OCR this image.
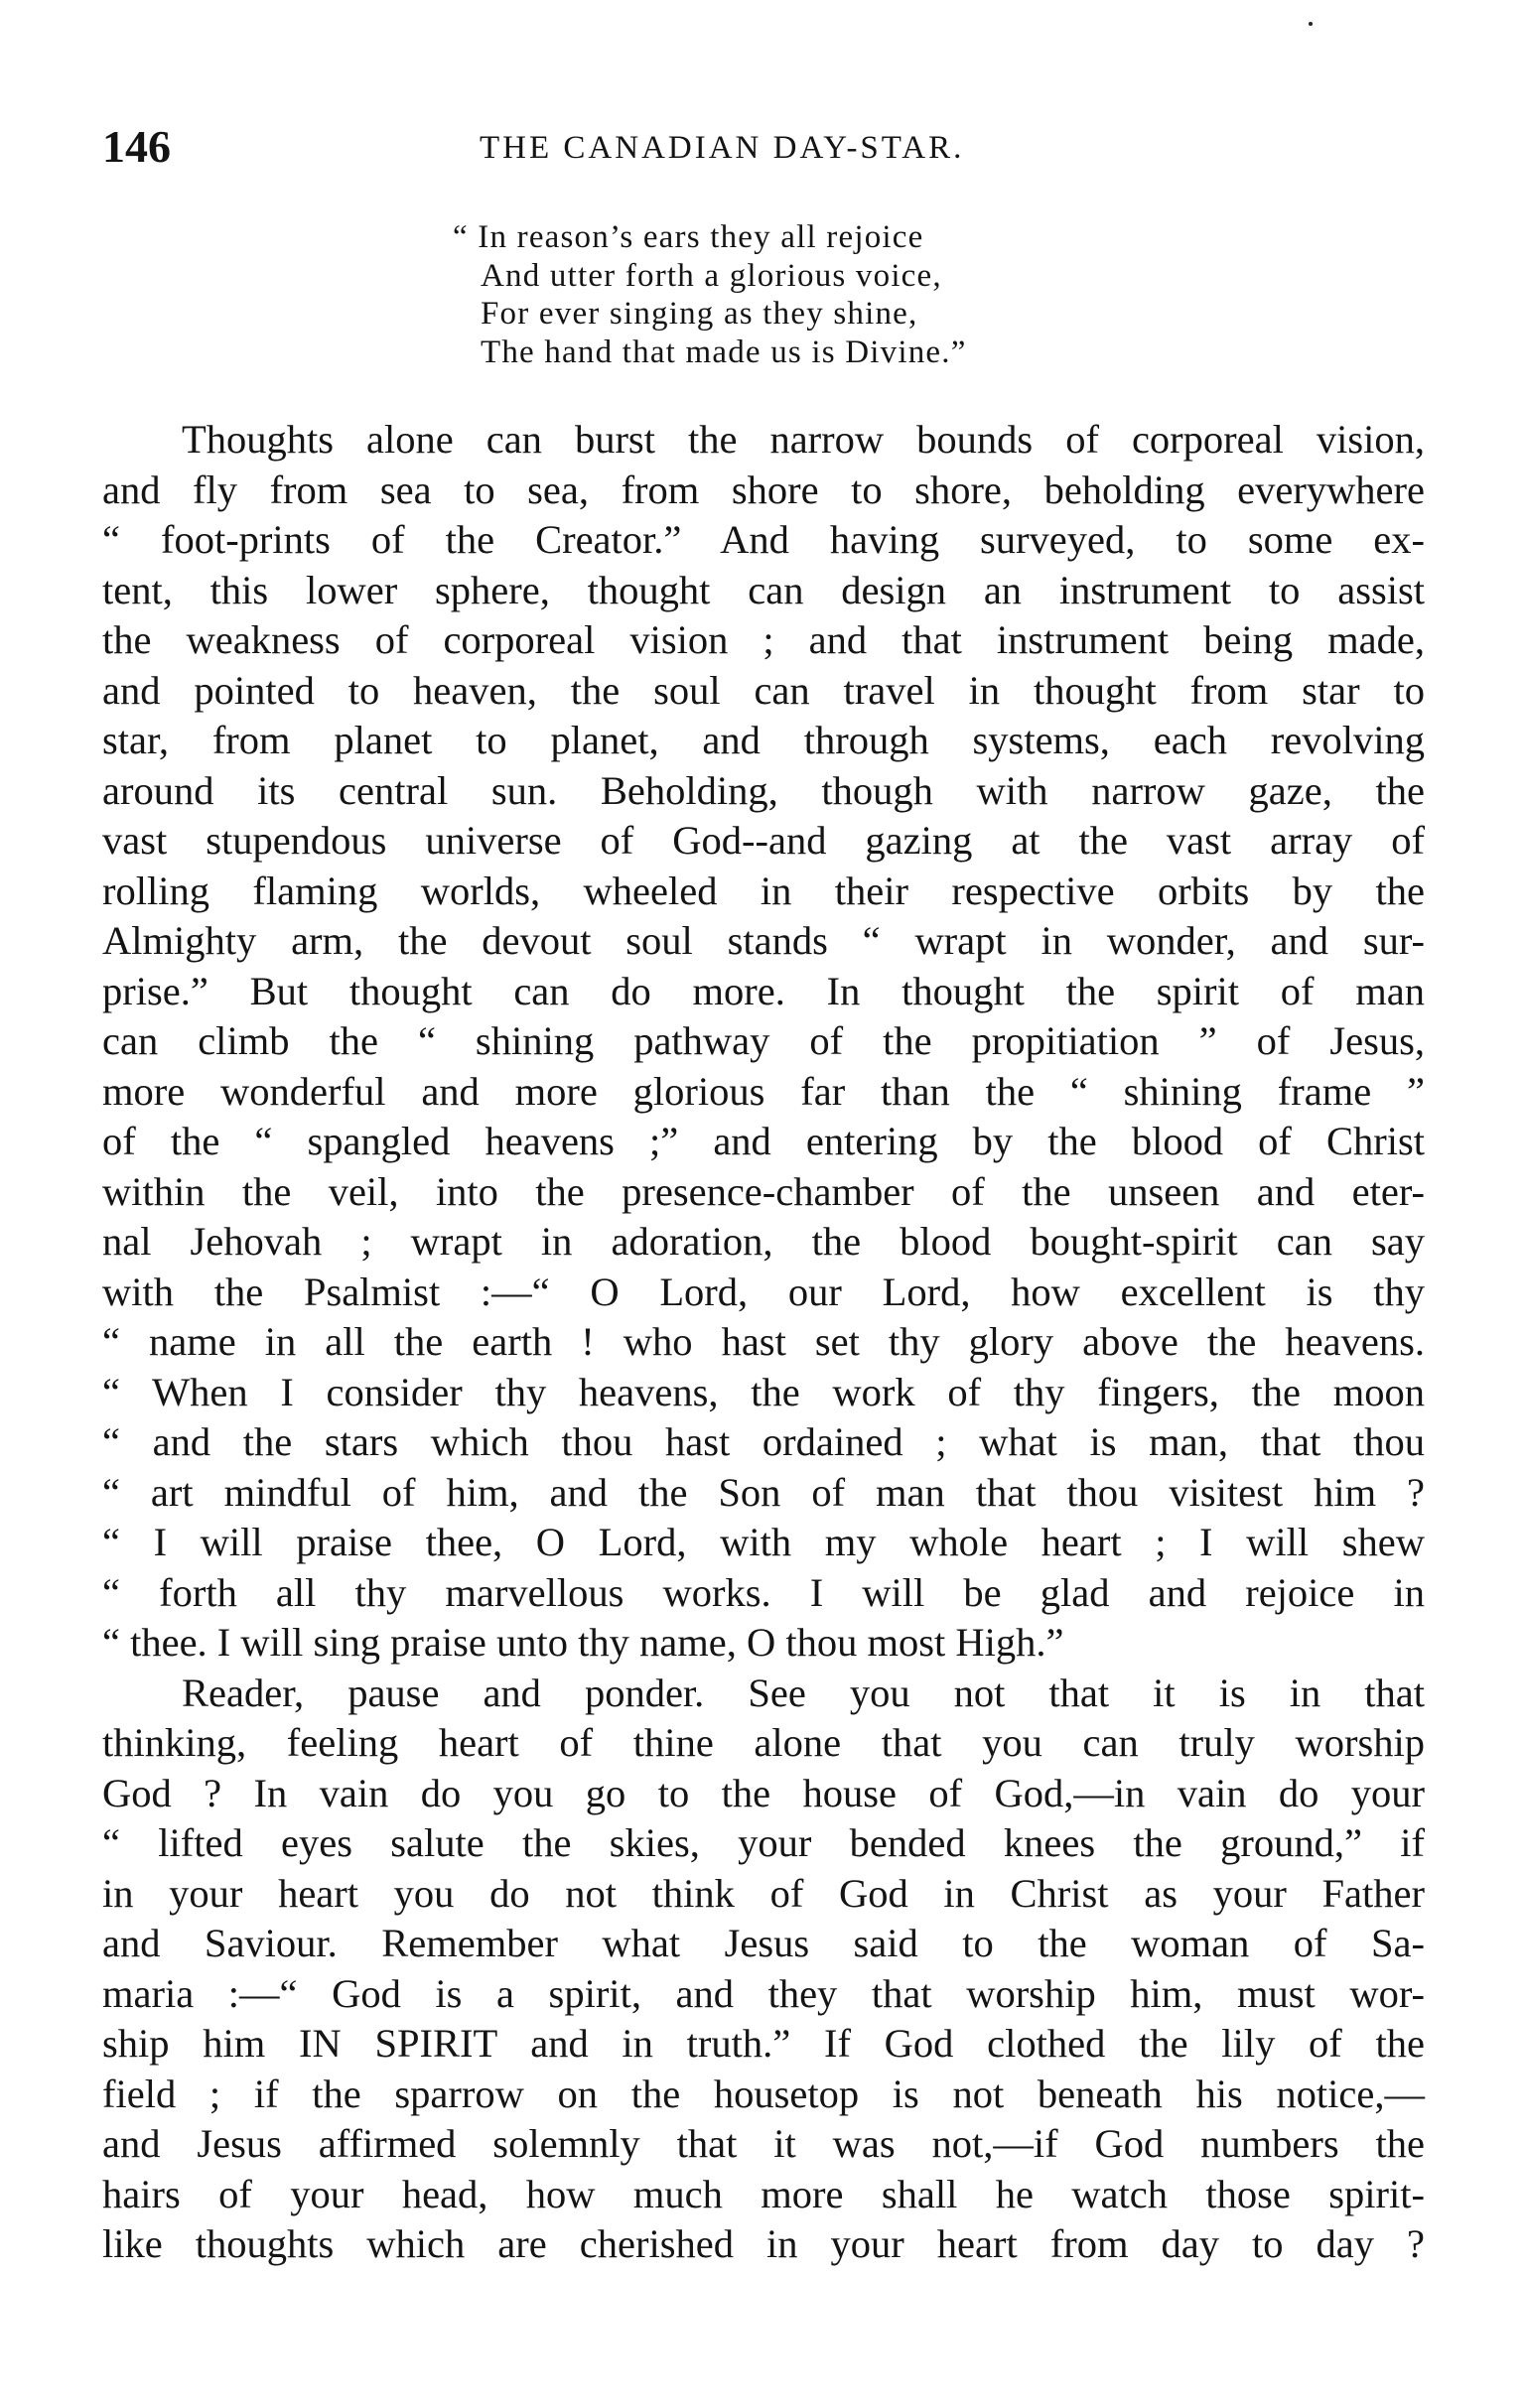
146	THE CANADIAN DAY-STAR.
“ In reason’s ears they all rejoice
And utter forth a glorious voice,
For ever singing as they shine,
The hand that made us is Divine.”
Thoughts alone can burst the narrow bounds of corporeal vision,
and fly from sea to sea, from shore to shore, beholding everywhere
“ foot-prints of the Creator.” And having surveyed, to some ex-
tent, this lower sphere, thought can design an instrument to assist
the weakness of corporeal vision ; and that instrument being made,
and pointed to heaven, the soul can travel in thought from star to
star, from planet to planet, and through systems, each revolving
around its central sun. Beholding, though with narrow gaze, the
vast stupendous universe of God--and gazing at the vast array of
rolling flaming worlds, wheeled in their respective orbits by the
Almighty arm, the devout soul stands “ wrapt in wonder, and sur-
prise.” But thought can do more. In thought the spirit of man
can climb the “ shining pathway of the propitiation ” of Jesus,
more wonderful and more glorious far than the “ shining frame ”
of the “ spangled heavens ;” and entering by the blood of Christ
within the veil, into the presence-chamber of the unseen and eter-
nal Jehovah ; wrapt in adoration, the blood bought-spirit can say
with the Psalmist :—“ O Lord, our Lord, how excellent is thy
“ name in all the earth ! who hast set thy glory above the heavens.
“ When I consider thy heavens, the work of thy fingers, the moon
“ and the stars which thou hast ordained ; what is man, that thou
“ art mindful of him, and the Son of man that thou visitest him ?
“ I will praise thee, O Lord, with my whole heart ; I will shew
“ forth all thy marvellous works. I will be glad and rejoice in
“ thee. I will sing praise unto thy name, O thou most High.”
Reader, pause and ponder. See you not that it is in that
thinking, feeling heart of thine alone that you can truly worship
God ? In vain do you go to the house of God,—in vain do your
“ lifted eyes salute the skies, your bended knees the ground,” if
in your heart you do not think of God in Christ as your Father
and Saviour. Remember what Jesus said to the woman of Sa-
maria :—“ God is a spirit, and they that worship him, must wor-
ship him IN SPIRIT and in truth.” If God clothed the lily of the
field ; if the sparrow on the housetop is not beneath his notice,—
and Jesus affirmed solemnly that it was not,—if God numbers the
hairs of your head, how much more shall he watch those spirit-
like thoughts which are cherished in your heart from day to day ?
